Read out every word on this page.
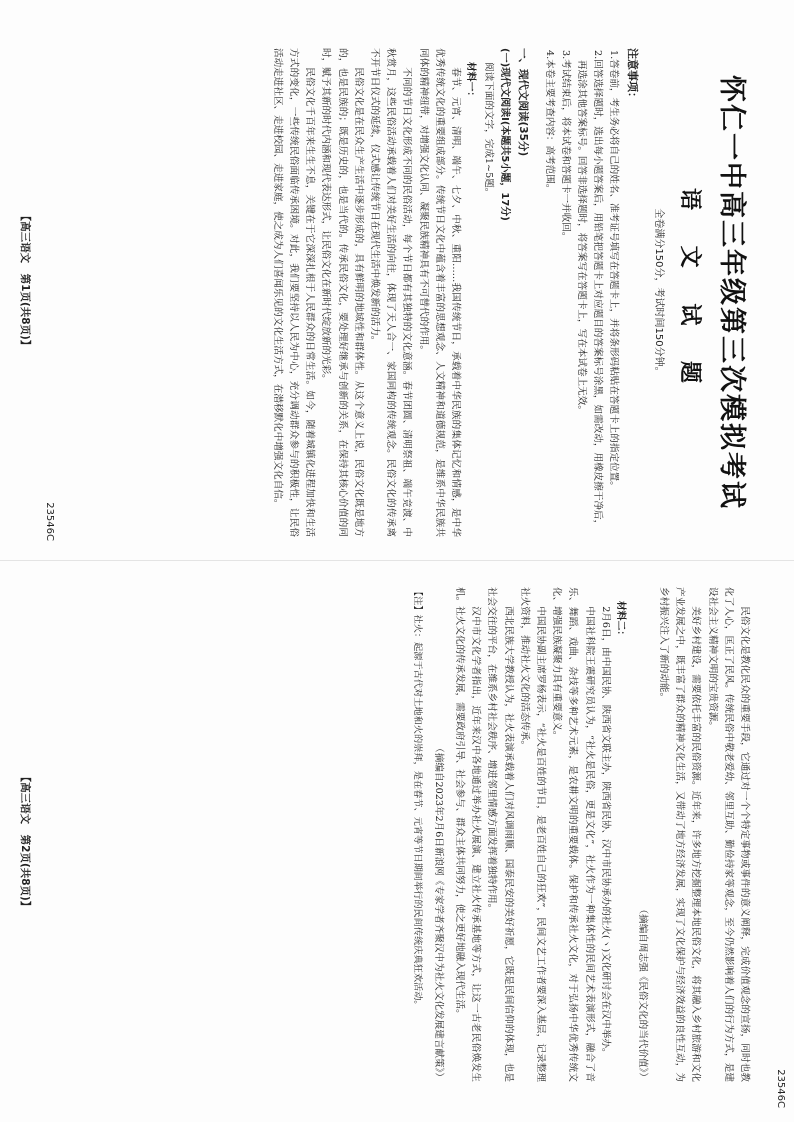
怀仁一中高三年级第三次模拟考试
语 文 试 题

全卷满分150分，考试时间150分钟。

注意事项：

1.答卷前，考生务必将自己的姓名、准考证号填写在答题卡上，并将条形码粘贴在答题卡上的指定位置。

2.回答选择题时，选出每小题答案后，用铅笔把答题卡上对应题目的答案标号涂黑，如需改动，用橡皮擦干净后，再选涂其他答案标号。回答非选择题时，将答案写在答题卡上，写在本试卷上无效。

3.考试结束后，将本试卷和答题卡一并收回。

4.本卷主要考查内容：高考范围。

一、现代文阅读(35分)

(一)现代文阅读Ⅰ(本题共5小题，17分)

阅读下面的文字，完成1~5题。

材料一：

春节、元宵、清明、端午、七夕、中秋、重阳……我国传统节日，承载着中华民族的集体记忆和情感，是中华优秀传统文化的重要组成部分。传统节日文化中蕴含着丰富的思想观念、人文精神和道德规范，是维系中华民族共同体的精神纽带，对增强文化认同、凝聚民族精神具有不可替代的作用。

不同的节日文化形成不同的民俗活动，每个节日都有其独特的文化意涵。春节团圆、清明祭祖、端午竞渡、中秋赏月，这些民俗活动承载着人们对美好生活的向往，体现了天人合一、家国同构的传统观念。民俗文化的传承离不开节日仪式的延续，仪式感让传统节日在现代生活中焕发新的活力。

民俗文化是在民众生产生活中逐步形成的，具有鲜明的地域性和群体性。从这个意义上说，民俗文化既是地方的，也是民族的；既是历史的，也是当代的。传承民俗文化，要处理好继承与创新的关系，在保持其核心价值的同时，赋予其新的时代内涵和现代表达形式，让民俗文化在新时代绽放新的光彩。

民俗文化千百年来生生不息，关键在于它深深扎根于人民群众的日常生活。如今，随着城镇化进程加快和生活方式的变化，一些传统民俗面临传承困境。对此，我们要坚持以人民为中心，充分调动群众参与的积极性，让民俗活动走进社区、走进校园、走进家庭，使之成为人们喜闻乐见的文化生活方式，在潜移默化中增强文化自信。

23546C
【高三语文　第1页(共8页)】
23546C

民俗文化是教化民众的重要手段，它通过对一个个特定事物或事件的意义阐释，完成价值观念的宣扬，同时也教化了人心，匡正了民风。传统民俗中敬老爱幼、邻里互助、勤俭持家等观念，至今仍然影响着人们的行为方式，是建设社会主义精神文明的宝贵资源。

美好乡村建设，需要依托丰富的民俗资源。近年来，许多地方挖掘整理本地民俗文化，将其融入乡村旅游和文化产业发展之中，既丰富了群众的精神文化生活，又带动了地方经济发展，实现了文化保护与经济效益的良性互动，为乡村振兴注入了新的动能。

（摘编自周志强《民俗文化的当代价值》）

材料二：

2月6日，由中国民协、陕西省文联主办，陕西省民协、汉中市民协承办的社火(ヽ)文化研讨会在汉中举办。

中国社科院王震研究员认为，“社火是民俗，更是文化”，社火作为一种集体性的民间艺术表演形式，融合了音乐、舞蹈、戏曲、杂技等多种艺术元素，是农耕文明的重要载体。保护和传承社火文化，对于弘扬中华优秀传统文化、增强民族凝聚力具有重要意义。

中国民协副主席罗杨表示，“社火是百姓的节日，是老百姓自己的狂欢”，民间文艺工作者要深入基层，记录整理社火资料，推动社火文化的活态传承。

西北民族大学教授认为，社火表演承载着人们对风调雨顺、国泰民安的美好祈愿，它既是民间信仰的体现，也是社会交往的平台，在维系乡村社会秩序、增进邻里情感方面发挥着独特作用。

汉中市文化学者指出，近年来汉中各地通过举办社火展演、建立社火传承基地等方式，让这一古老民俗焕发生机。社火文化的传承发展，需要政府引导、社会参与、群众主体共同努力，使之更好地融入现代生活。

（摘编自2023年2月6日新浪网《专家学者齐聚汉中为社火文化发展建言献策》）

【注】社火：起源于古代对土地和火的崇拜，是在春节、元宵等节日期间举行的民间传统庆典狂欢活动。

【高三语文　第2页(共8页)】
